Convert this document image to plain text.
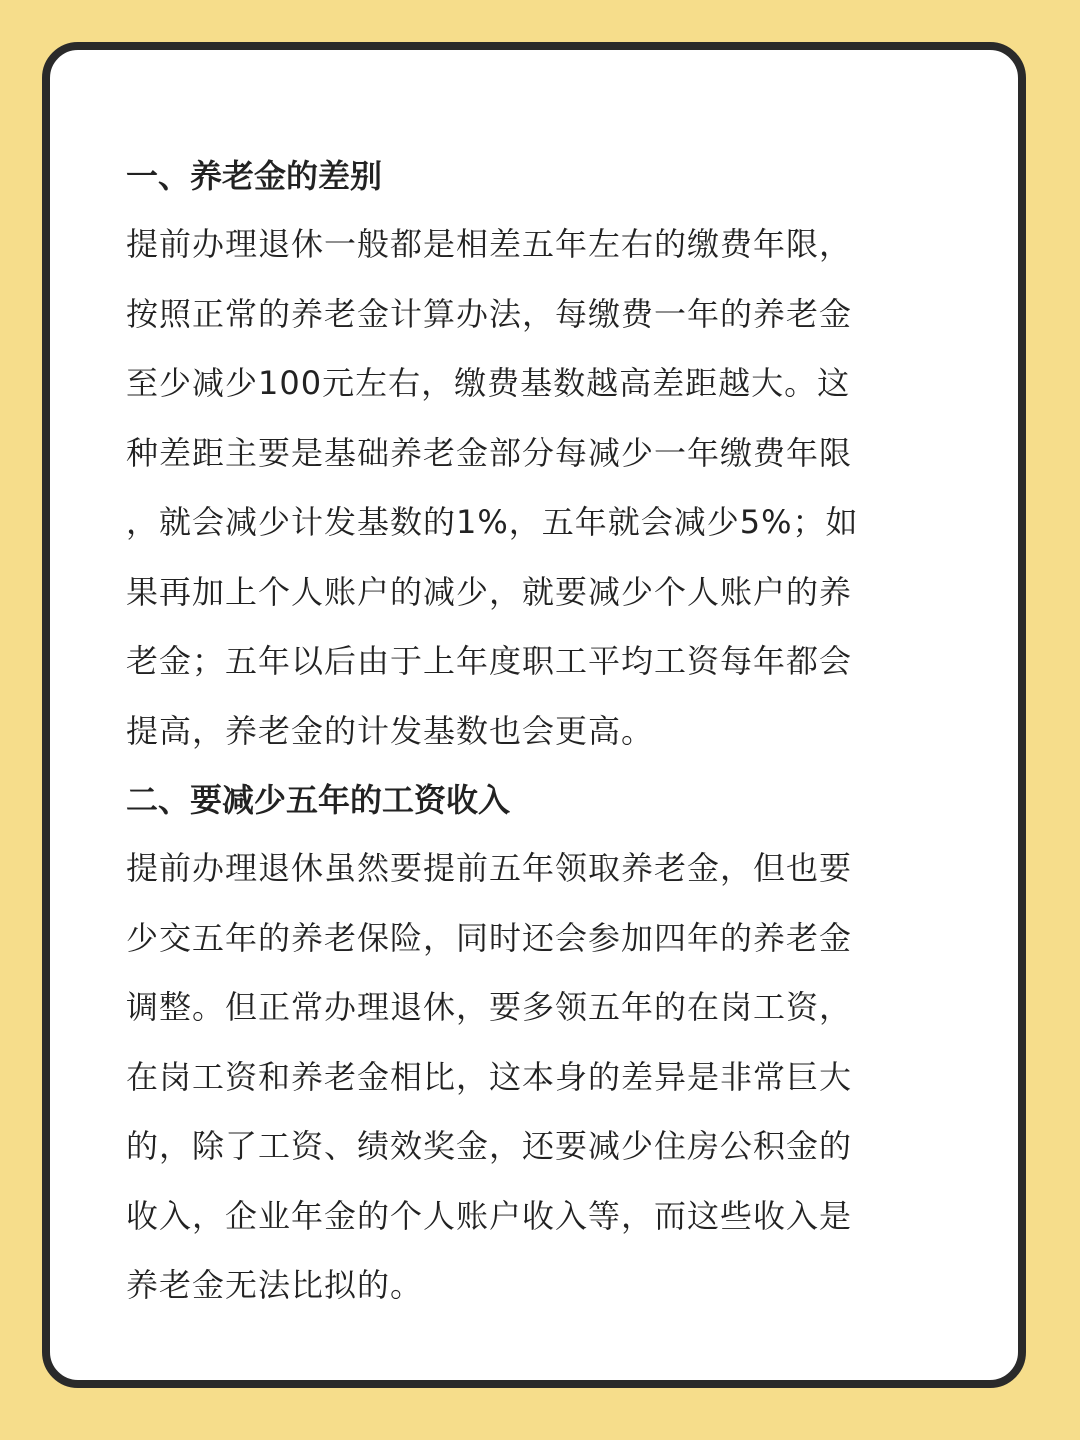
一、养老金的差别
提前办理退休一般都是相差五年左右的缴费年限，
按照正常的养老金计算办法，每缴费一年的养老金
至少减少100元左右，缴费基数越高差距越大。这
种差距主要是基础养老金部分每减少一年缴费年限
，就会减少计发基数的1%，五年就会减少5%；如
果再加上个人账户的减少，就要减少个人账户的养
老金；五年以后由于上年度职工平均工资每年都会
提高，养老金的计发基数也会更高。
二、要减少五年的工资收入
提前办理退休虽然要提前五年领取养老金，但也要
少交五年的养老保险，同时还会参加四年的养老金
调整。但正常办理退休，要多领五年的在岗工资，
在岗工资和养老金相比，这本身的差异是非常巨大
的，除了工资、绩效奖金，还要减少住房公积金的
收入，企业年金的个人账户收入等，而这些收入是
养老金无法比拟的。
